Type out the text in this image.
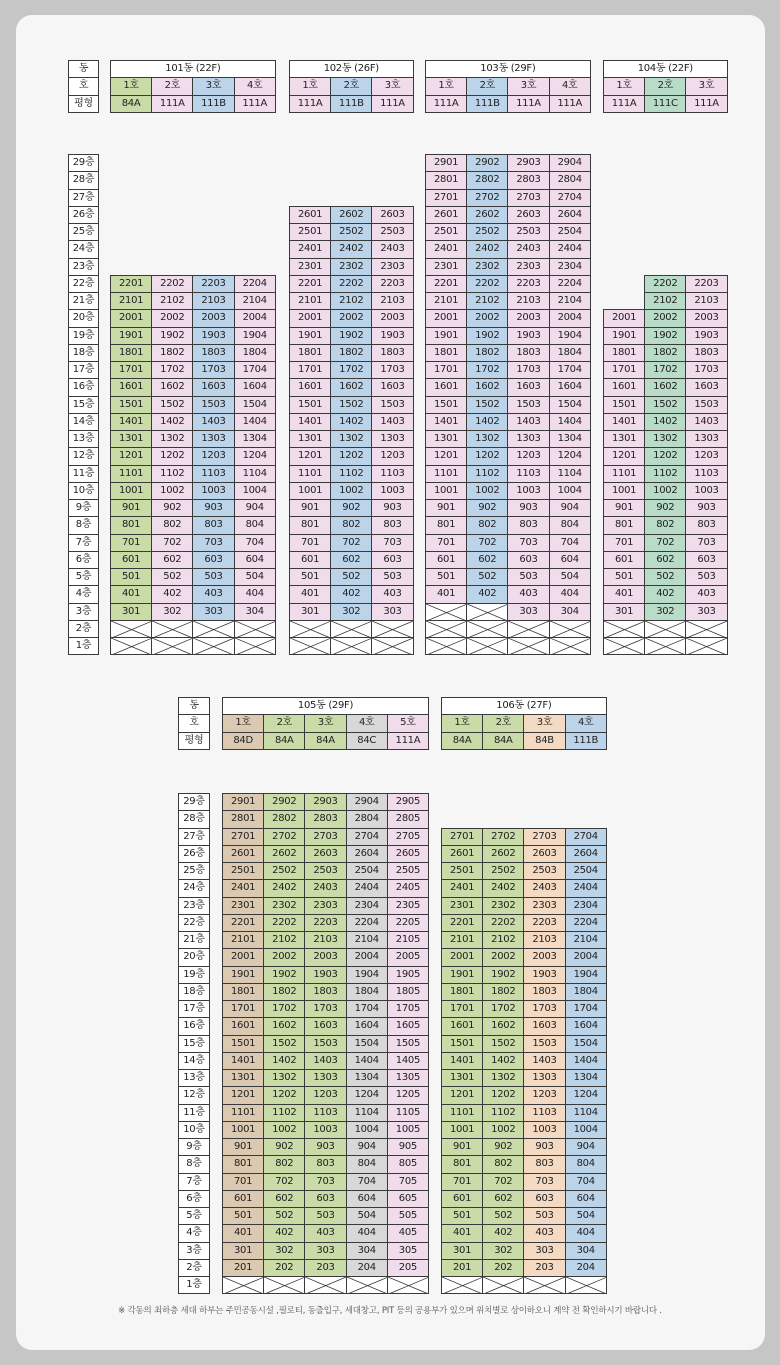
동
호
평형
29층
28층
27층
26층
25층
24층
23층
22층
21층
20층
19층
18층
17층
16층
15층
14층
13층
12층
11층
10층
9층
8층
7층
6층
5층
4층
3층
2층
1층
101동 (22F)
1호
84A
2201
2101
2001
1901
1801
1701
1601
1501
1401
1301
1201
1101
1001
901
801
701
601
501
401
301
2호
111A
2202
2102
2002
1902
1802
1702
1602
1502
1402
1302
1202
1102
1002
902
802
702
602
502
402
302
3호
111B
2203
2103
2003
1903
1803
1703
1603
1503
1403
1303
1203
1103
1003
903
803
703
603
503
403
303
4호
111A
2204
2104
2004
1904
1804
1704
1604
1504
1404
1304
1204
1104
1004
904
804
704
604
504
404
304
102동 (26F)
1호
111A
2601
2501
2401
2301
2201
2101
2001
1901
1801
1701
1601
1501
1401
1301
1201
1101
1001
901
801
701
601
501
401
301
2호
111B
2602
2502
2402
2302
2202
2102
2002
1902
1802
1702
1602
1502
1402
1302
1202
1102
1002
902
802
702
602
502
402
302
3호
111A
2603
2503
2403
2303
2203
2103
2003
1903
1803
1703
1603
1503
1403
1303
1203
1103
1003
903
803
703
603
503
403
303
103동 (29F)
1호
111A
2901
2801
2701
2601
2501
2401
2301
2201
2101
2001
1901
1801
1701
1601
1501
1401
1301
1201
1101
1001
901
801
701
601
501
401
2호
111B
2902
2802
2702
2602
2502
2402
2302
2202
2102
2002
1902
1802
1702
1602
1502
1402
1302
1202
1102
1002
902
802
702
602
502
402
3호
111A
2903
2803
2703
2603
2503
2403
2303
2203
2103
2003
1903
1803
1703
1603
1503
1403
1303
1203
1103
1003
903
803
703
603
503
403
303
4호
111A
2904
2804
2704
2604
2504
2404
2304
2204
2104
2004
1904
1804
1704
1604
1504
1404
1304
1204
1104
1004
904
804
704
604
504
404
304
104동 (22F)
1호
111A
2001
1901
1801
1701
1601
1501
1401
1301
1201
1101
1001
901
801
701
601
501
401
301
2호
111C
2202
2102
2002
1902
1802
1702
1602
1502
1402
1302
1202
1102
1002
902
802
702
602
502
402
302
3호
111A
2203
2103
2003
1903
1803
1703
1603
1503
1403
1303
1203
1103
1003
903
803
703
603
503
403
303
동
호
평형
29층
28층
27층
26층
25층
24층
23층
22층
21층
20층
19층
18층
17층
16층
15층
14층
13층
12층
11층
10층
9층
8층
7층
6층
5층
4층
3층
2층
1층
105동 (29F)
1호
84D
2901
2801
2701
2601
2501
2401
2301
2201
2101
2001
1901
1801
1701
1601
1501
1401
1301
1201
1101
1001
901
801
701
601
501
401
301
201
2호
84A
2902
2802
2702
2602
2502
2402
2302
2202
2102
2002
1902
1802
1702
1602
1502
1402
1302
1202
1102
1002
902
802
702
602
502
402
302
202
3호
84A
2903
2803
2703
2603
2503
2403
2303
2203
2103
2003
1903
1803
1703
1603
1503
1403
1303
1203
1103
1003
903
803
703
603
503
403
303
203
4호
84C
2904
2804
2704
2604
2504
2404
2304
2204
2104
2004
1904
1804
1704
1604
1504
1404
1304
1204
1104
1004
904
804
704
604
504
404
304
204
5호
111A
2905
2805
2705
2605
2505
2405
2305
2205
2105
2005
1905
1805
1705
1605
1505
1405
1305
1205
1105
1005
905
805
705
605
505
405
305
205
106동 (27F)
1호
84A
2701
2601
2501
2401
2301
2201
2101
2001
1901
1801
1701
1601
1501
1401
1301
1201
1101
1001
901
801
701
601
501
401
301
201
2호
84A
2702
2602
2502
2402
2302
2202
2102
2002
1902
1802
1702
1602
1502
1402
1302
1202
1102
1002
902
802
702
602
502
402
302
202
3호
84B
2703
2603
2503
2403
2303
2203
2103
2003
1903
1803
1703
1603
1503
1403
1303
1203
1103
1003
903
803
703
603
503
403
303
203
4호
111B
2704
2604
2504
2404
2304
2204
2104
2004
1904
1804
1704
1604
1504
1404
1304
1204
1104
1004
904
804
704
604
504
404
304
204
※ 각동의 최하층 세대 하부는 주민공동시설 ,필로티, 동출입구, 세대창고, PIT 등의 공용부가 있으며 위치별로 상이하오니 계약 전 확인하시기 바랍니다 .
